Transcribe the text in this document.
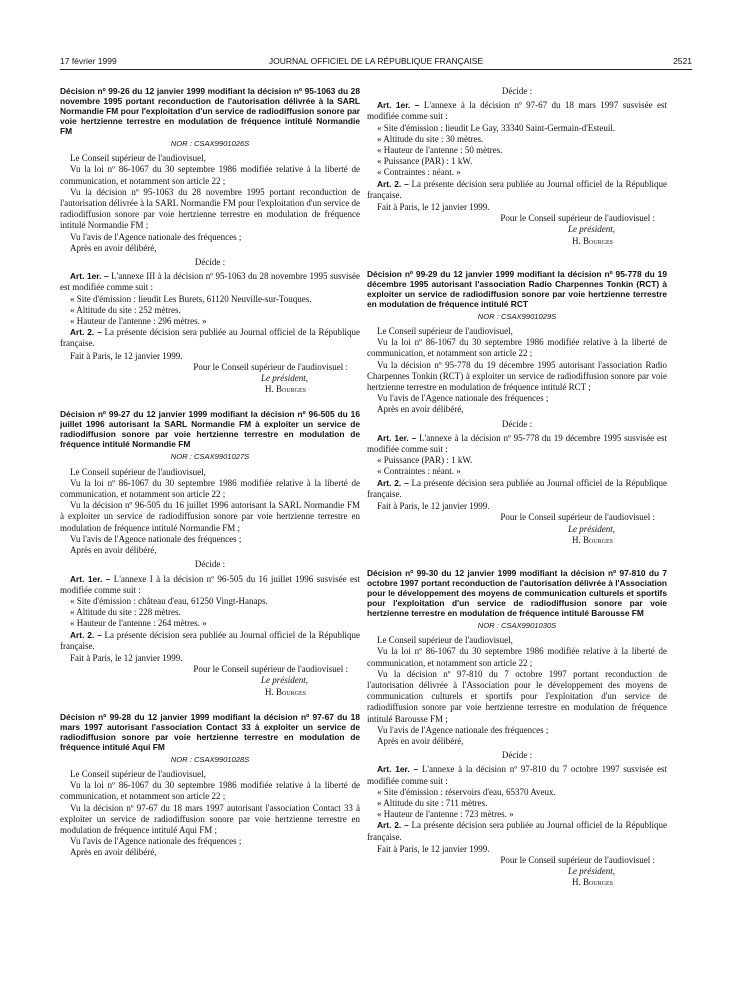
17 février 1999	JOURNAL OFFICIEL DE LA RÉPUBLIQUE FRANÇAISE	2521

Décision nº 99-26 du 12 janvier 1999 modifiant la décision nº 95-1063 du 28 novembre 1995 portant reconduction de l'autorisation délivrée à la SARL Normandie FM pour l'exploitation d'un service de radiodiffusion sonore par voie hertzienne terrestre en modulation de fréquence intitulé Normandie FM

NOR : CSAX9901026S

Le Conseil supérieur de l'audiovisuel,

Vu la loi nº 86-1067 du 30 septembre 1986 modifiée relative à la liberté de communication, et notamment son article 22 ;

Vu la décision nº 95-1063 du 28 novembre 1995 portant reconduction de l'autorisation délivrée à la SARL Normandie FM pour l'exploitation d'un service de radiodiffusion sonore par voie hertzienne terrestre en modulation de fréquence intitulé Normandie FM ;

Vu l'avis de l'Agence nationale des fréquences ;

Après en avoir délibéré,

Décide :

Art. 1er. – L'annexe III à la décision nº 95-1063 du 28 novembre 1995 susvisée est modifiée comme suit :

« Site d'émission : lieudit Les Burets, 61120 Neuville-sur-Touques.

« Altitude du site : 252 mètres.

« Hauteur de l'antenne : 296 mètres. »

Art. 2. – La présente décision sera publiée au Journal officiel de la République française.

Fait à Paris, le 12 janvier 1999.

Pour le Conseil supérieur de l'audiovisuel :

Le président,

H. Bourges

Décision nº 99-27 du 12 janvier 1999 modifiant la décision nº 96-505 du 16 juillet 1996 autorisant la SARL Normandie FM à exploiter un service de radiodiffusion sonore par voie hertzienne terrestre en modulation de fréquence intitulé Normandie FM

NOR : CSAX9901027S

Le Conseil supérieur de l'audiovisuel,

Vu la loi nº 86-1067 du 30 septembre 1986 modifiée relative à la liberté de communication, et notamment son article 22 ;

Vu la décision nº 96-505 du 16 juillet 1996 autorisant la SARL Normandie FM à exploiter un service de radiodiffusion sonore par voie hertzienne terrestre en modulation de fréquence intitulé Normandie FM ;

Vu l'avis de l'Agence nationale des fréquences ;

Après en avoir délibéré,

Décide :

Art. 1er. – L'annexe I à la décision nº 96-505 du 16 juillet 1996 susvisée est modifiée comme suit :

« Site d'émission : château d'eau, 61250 Vingt-Hanaps.

« Altitude du site : 228 mètres.

« Hauteur de l'antenne : 264 mètres. »

Art. 2. – La présente décision sera publiée au Journal officiel de la République française.

Fait à Paris, le 12 janvier 1999.

Pour le Conseil supérieur de l'audiovisuel :

Le président,

H. Bourges

Décision nº 99-28 du 12 janvier 1999 modifiant la décision nº 97-67 du 18 mars 1997 autorisant l'association Contact 33 à exploiter un service de radiodiffusion sonore par voie hertzienne terrestre en modulation de fréquence intitulé Aqui FM

NOR : CSAX9901028S

Le Conseil supérieur de l'audiovisuel,

Vu la loi nº 86-1067 du 30 septembre 1986 modifiée relative à la liberté de communication, et notamment son article 22 ;

Vu la décision nº 97-67 du 18 mars 1997 autorisant l'association Contact 33 à exploiter un service de radiodiffusion sonore par voie hertzienne terrestre en modulation de fréquence intitulé Aqui FM ;

Vu l'avis de l'Agence nationale des fréquences ;

Après en avoir délibéré,

Décide :

Art. 1er. – L'annexe à la décision nº 97-67 du 18 mars 1997 susvisée est modifiée comme suit :

« Site d'émission : lieudit Le Gay, 33340 Saint-Germain-d'Esteuil.

« Altitude du site : 30 mètres.

« Hauteur de l'antenne : 50 mètres.

« Puissance (PAR) : 1 kW.

« Contraintes : néant. »

Art. 2. – La présente décision sera publiée au Journal officiel de la République française.

Fait à Paris, le 12 janvier 1999.

Pour le Conseil supérieur de l'audiovisuel :

Le président,

H. Bourges

Décision nº 99-29 du 12 janvier 1999 modifiant la décision nº 95-778 du 19 décembre 1995 autorisant l'association Radio Charpennes Tonkin (RCT) à exploiter un service de radiodiffusion sonore par voie hertzienne terrestre en modulation de fréquence intitulé RCT

NOR : CSAX9901029S

Le Conseil supérieur de l'audiovisuel,

Vu la loi nº 86-1067 du 30 septembre 1986 modifiée relative à la liberté de communication, et notamment son article 22 ;

Vu la décision nº 95-778 du 19 décembre 1995 autorisant l'association Radio Charpennes Tonkin (RCT) à exploiter un service de radiodiffusion sonore par voie hertzienne terrestre en modulation de fréquence intitulé RCT ;

Vu l'avis de l'Agence nationale des fréquences ;

Après en avoir délibéré,

Décide :

Art. 1er. – L'annexe à la décision nº 95-778 du 19 décembre 1995 susvisée est modifiée comme suit :

« Puissance (PAR) : 1 kW.

« Contraintes : néant. »

Art. 2. – La présente décision sera publiée au Journal officiel de la République française.

Fait à Paris, le 12 janvier 1999.

Pour le Conseil supérieur de l'audiovisuel :

Le président,

H. Bourges

Décision nº 99-30 du 12 janvier 1999 modifiant la décision nº 97-810 du 7 octobre 1997 portant reconduction de l'autorisation délivrée à l'Association pour le développement des moyens de communication culturels et sportifs pour l'exploitation d'un service de radiodiffusion sonore par voie hertzienne terrestre en modulation de fréquence intitulé Barousse FM

NOR : CSAX9901030S

Le Conseil supérieur de l'audiovisuel,

Vu la loi nº 86-1067 du 30 septembre 1986 modifiée relative à la liberté de communication, et notamment son article 22 ;

Vu la décision nº 97-810 du 7 octobre 1997 portant reconduction de l'autorisation délivrée à l'Association pour le développement des moyens de communication culturels et sportifs pour l'exploitation d'un service de radiodiffusion sonore par voie hertzienne terrestre en modulation de fréquence intitulé Barousse FM ;

Vu l'avis de l'Agence nationale des fréquences ;

Après en avoir délibéré,

Décide :

Art. 1er. – L'annexe à la décision nº 97-810 du 7 octobre 1997 susvisée est modifiée comme suit :

« Site d'émission : réservoirs d'eau, 65370 Aveux.

« Altitude du site : 711 mètres.

« Hauteur de l'antenne : 723 mètres. »

Art. 2. – La présente décision sera publiée au Journal officiel de la République française.

Fait à Paris, le 12 janvier 1999.

Pour le Conseil supérieur de l'audiovisuel :

Le président,

H. Bourges
